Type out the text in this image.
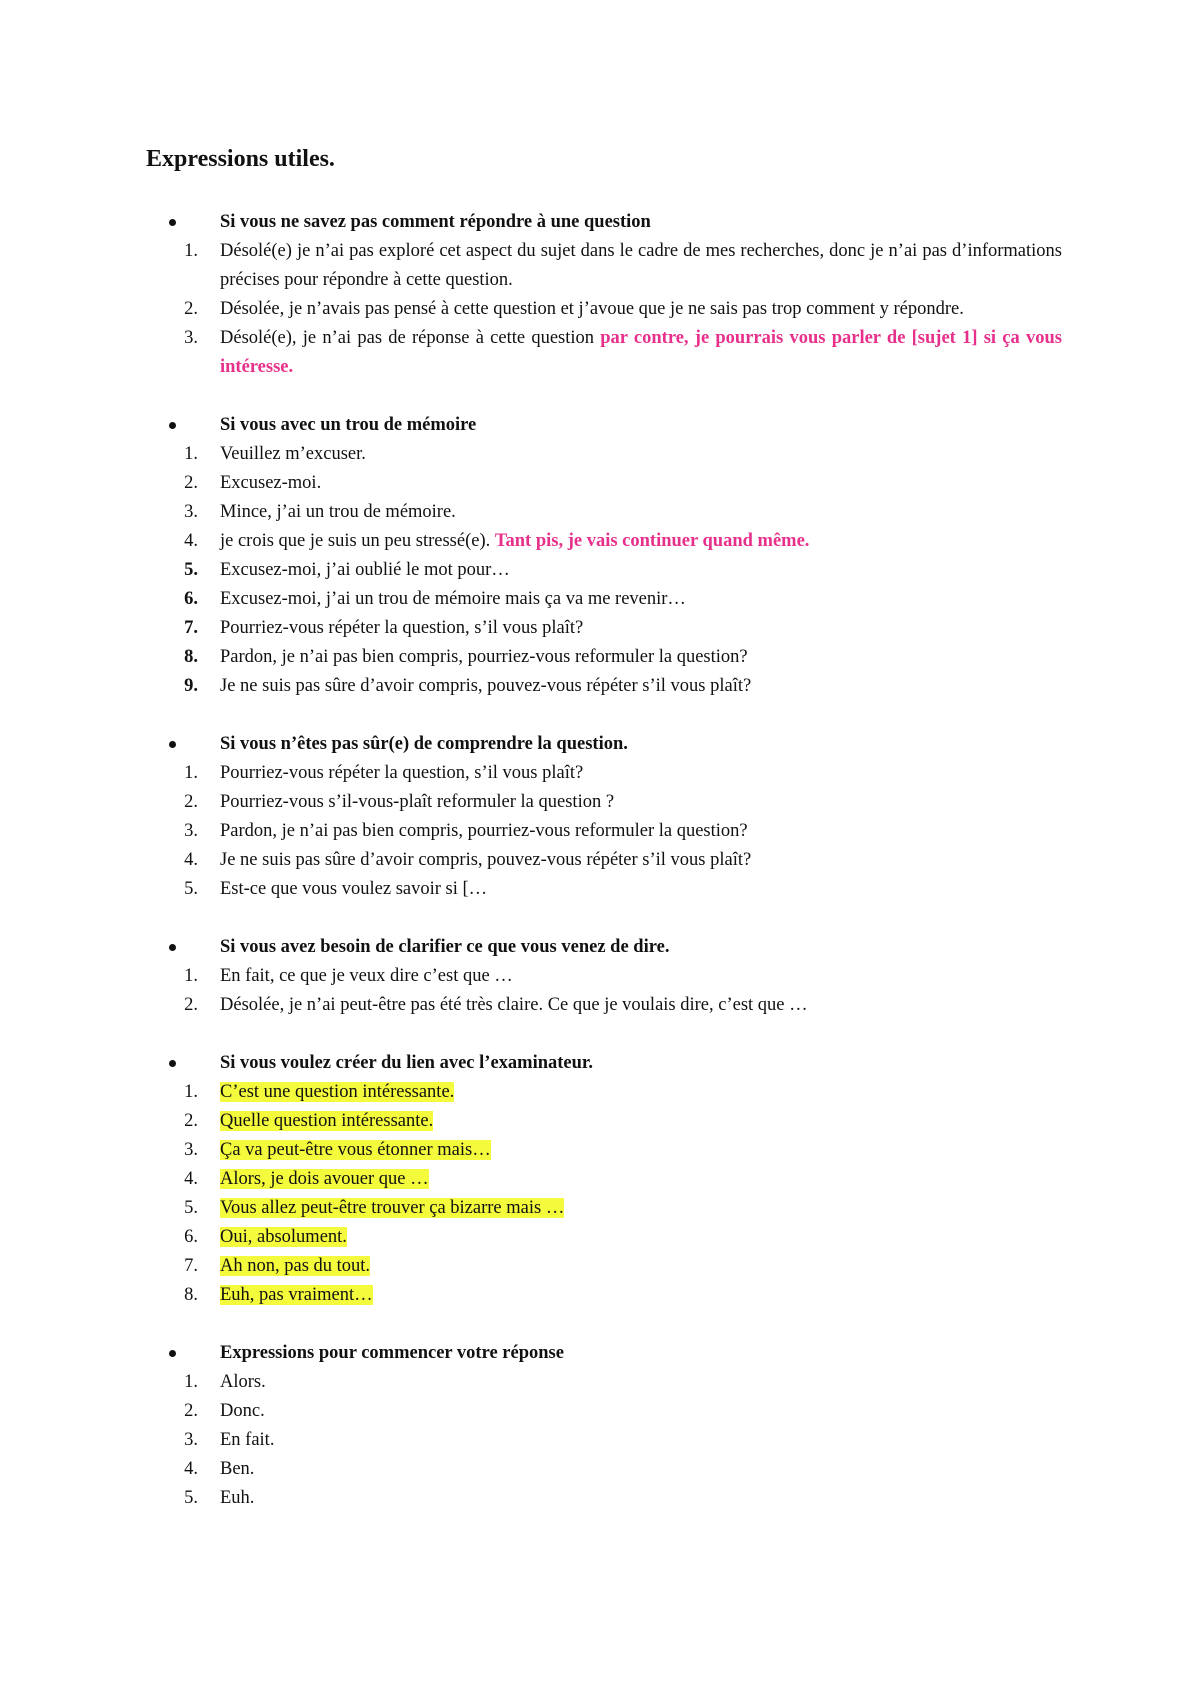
Expressions utiles.
Si vous ne savez pas comment répondre à une question
1. Désolé(e) je n’ai pas exploré cet aspect du sujet dans le cadre de mes recherches, donc je n’ai pas d’informations précises pour répondre à cette question.
2. Désolée, je n’avais pas pensé à cette question et j’avoue que je ne sais pas trop comment y répondre.
3. Désolé(e), je n’ai pas de réponse à cette question par contre, je pourrais vous parler de [sujet 1] si ça vous intéresse.
Si vous avec un trou de mémoire
1. Veuillez m’excuser.
2. Excusez-moi.
3. Mince, j’ai un trou de mémoire.
4. je crois que je suis un peu stressé(e). Tant pis, je vais continuer quand même.
5. Excusez-moi, j’ai oublié le mot pour…
6. Excusez-moi, j’ai un trou de mémoire mais ça va me revenir…
7. Pourriez-vous répéter la question, s’il vous plaît?
8. Pardon, je n’ai pas bien compris, pourriez-vous reformuler la question?
9. Je ne suis pas sûre d’avoir compris, pouvez-vous répéter s’il vous plaît?
Si vous n’êtes pas sûr(e) de comprendre la question.
1. Pourriez-vous répéter la question, s’il vous plaît?
2. Pourriez-vous s’il-vous-plaît reformuler la question ?
3. Pardon, je n’ai pas bien compris, pourriez-vous reformuler la question?
4. Je ne suis pas sûre d’avoir compris, pouvez-vous répéter s’il vous plaît?
5. Est-ce que vous voulez savoir si […
Si vous avez besoin de clarifier ce que vous venez de dire.
1. En fait, ce que je veux dire c’est que …
2. Désolée, je n’ai peut-être pas été très claire. Ce que je voulais dire, c’est que …
Si vous voulez créer du lien avec l’examinateur.
1. C’est une question intéressante.
2. Quelle question intéressante.
3. Ça va peut-être vous étonner mais…
4. Alors, je dois avouer que …
5. Vous allez peut-être trouver ça bizarre mais …
6. Oui, absolument.
7. Ah non, pas du tout.
8. Euh, pas vraiment…
Expressions pour commencer votre réponse
1. Alors.
2. Donc.
3. En fait.
4. Ben.
5. Euh.
